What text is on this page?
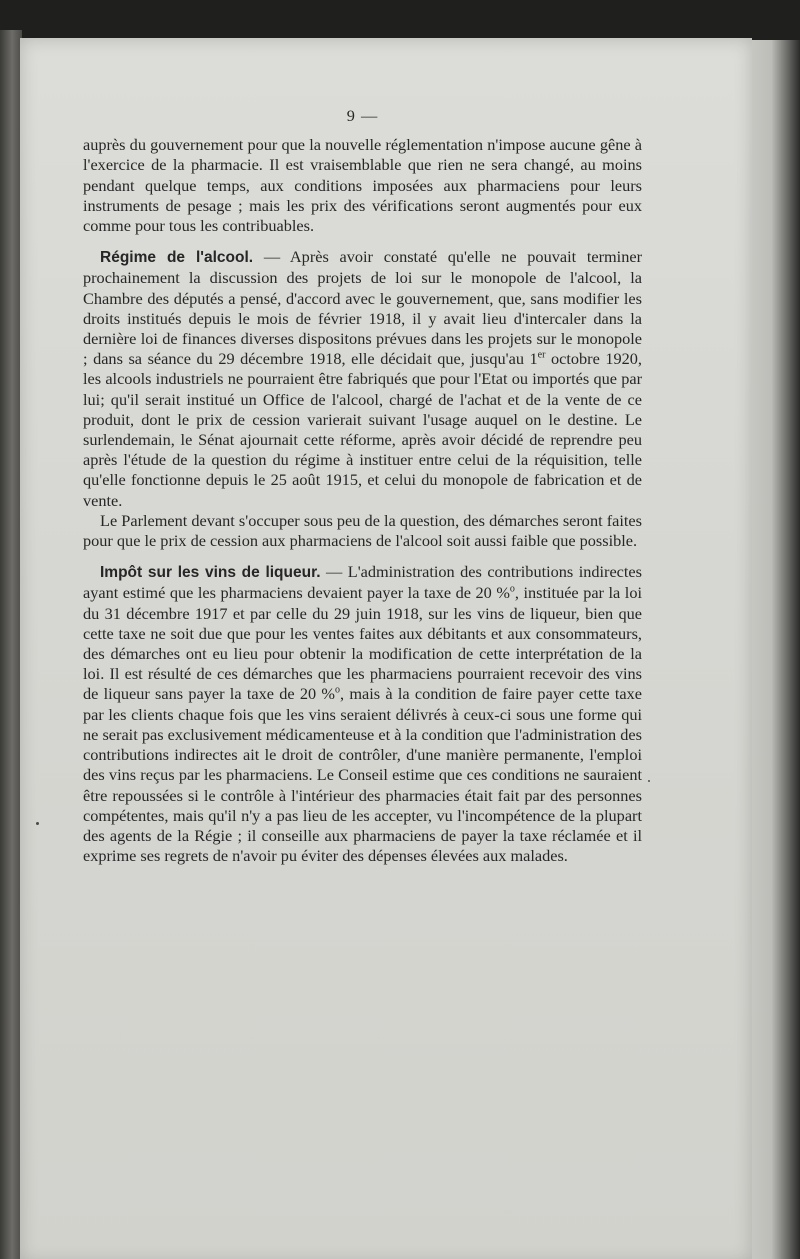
9 —

auprès du gouvernement pour que la nouvelle réglementation n'impose aucune gêne à l'exercice de la pharmacie. Il est vraisemblable que rien ne sera changé, au moins pendant quelque temps, aux conditions imposées aux pharmaciens pour leurs instruments de pesage ; mais les prix des vérifications seront augmentés pour eux comme pour tous les contribuables.

Régime de l'alcool. — Après avoir constaté qu'elle ne pouvait terminer prochainement la discussion des projets de loi sur le monopole de l'alcool, la Chambre des députés a pensé, d'accord avec le gouvernement, que, sans modifier les droits institués depuis le mois de février 1918, il y avait lieu d'intercaler dans la dernière loi de finances diverses dispositons prévues dans les projets sur le monopole ; dans sa séance du 29 décembre 1918, elle décidait que, jusqu'au 1er octobre 1920, les alcools industriels ne pourraient être fabriqués que pour l'Etat ou importés que par lui; qu'il serait institué un Office de l'alcool, chargé de l'achat et de la vente de ce produit, dont le prix de cession varierait suivant l'usage auquel on le destine. Le surlendemain, le Sénat ajournait cette réforme, après avoir décidé de reprendre peu après l'étude de la question du régime à instituer entre celui de la réquisition, telle qu'elle fonctionne depuis le 25 août 1915, et celui du monopole de fabrication et de vente.

Le Parlement devant s'occuper sous peu de la question, des démarches seront faites pour que le prix de cession aux pharmaciens de l'alcool soit aussi faible que possible.

Impôt sur les vins de liqueur. — L'administration des contributions indirectes ayant estimé que les pharmaciens devaient payer la taxe de 20 %$^o$, instituée par la loi du 31 décembre 1917 et par celle du 29 juin 1918, sur les vins de liqueur, bien que cette taxe ne soit due que pour les ventes faites aux débitants et aux consommateurs, des démarches ont eu lieu pour obtenir la modification de cette interprétation de la loi. Il est résulté de ces démarches que les pharmaciens pourraient recevoir des vins de liqueur sans payer la taxe de 20 %$^o$, mais à la condition de faire payer cette taxe par les clients chaque fois que les vins seraient délivrés à ceux-ci sous une forme qui ne serait pas exclusivement médicamenteuse et à la condition que l'administration des contributions indirectes ait le droit de contrôler, d'une manière permanente, l'emploi des vins reçus par les pharmaciens. Le Conseil estime que ces conditions ne sauraient être repoussées si le contrôle à l'intérieur des pharmacies était fait par des personnes compétentes, mais qu'il n'y a pas lieu de les accepter, vu l'incompétence de la plupart des agents de la Régie ; il conseille aux pharmaciens de payer la taxe réclamée et il exprime ses regrets de n'avoir pu éviter des dépenses élevées aux malades.
